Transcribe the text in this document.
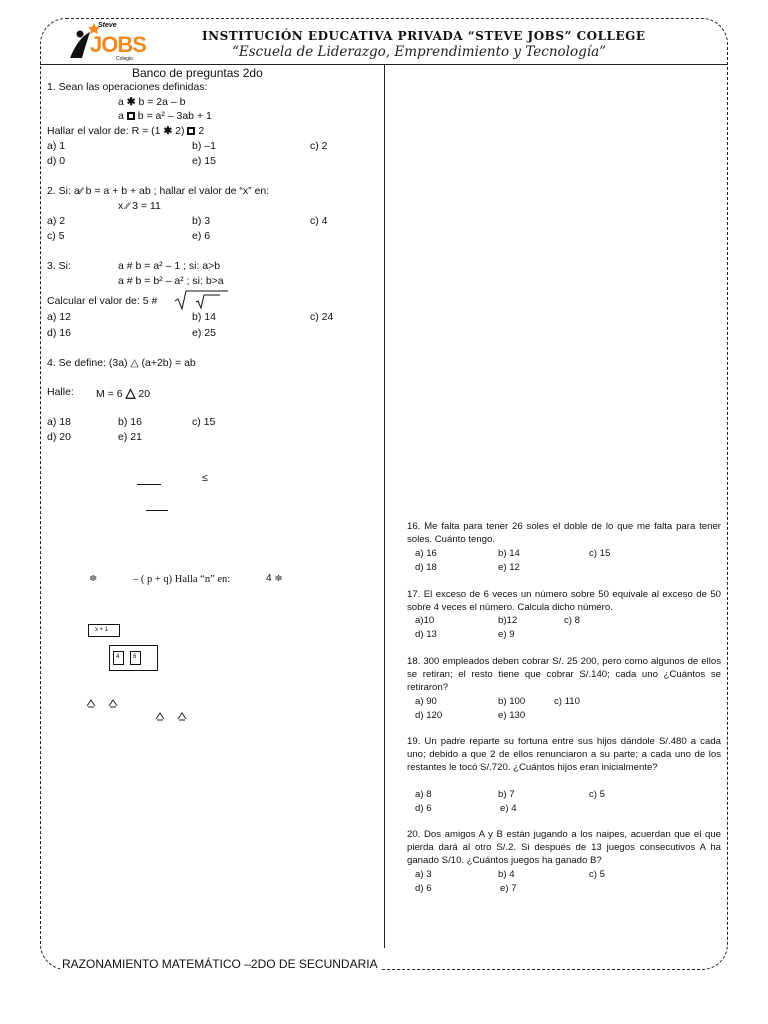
Steve
JOBS
Colegio
INSTITUCIÓN EDUCATIVA PRIVADA “STEVE JOBS” COLLEGE
“Escuela de Liderazgo, Emprendimiento y Tecnología”
Banco de preguntas 2do
1. Sean las operaciones definidas:
a ✱ b = 2a – b
a b = a² – 3ab + 1
Hallar el valor de: R = (1 ✱ 2) 2
a) 1	b) –1	c) 2
d) 0	e) 15
2. Si: a⁄⁄ b = a + b + ab ; hallar el valor de “x” en:
x ⁄⁄ 3 = 11
a) 2	b) 3	c) 4
c) 5	e) 6
3. Si:	a # b = a² – 1 ; si: a>b
a # b = b² – a² ; si: b>a
Calcular el valor de: 5 #
a) 12	b) 14	c) 24
d) 16	e) 25
4. Se define: (3a) △ (a+2b) = ab
Halle: M = 6 △ 20
a) 18	b) 16	c) 15
d) 20	e) 21
≤
≑	– ( p + q) Halla “n” en:	4 ≑
x + 1
4 6
16. Me falta para tener 26 soles el doble de lo que me falta para tener soles. Cuánto tengo.
a) 16	b) 14	c) 15
d) 18	e) 12
17. El exceso de 6 veces un número sobre 50 equivale al exceso de 50 sobre 4 veces el número. Calcula dicho número.
a)10	b)12	c) 8
d) 13	e) 9
18. 300 empleados deben cobrar S/. 25 200, pero como algunos de ellos se retiran; el resto tiene que cobrar S/.140; cada uno ¿Cuántos se retiraron?
a) 90	b) 100	c) 110
d) 120	e) 130
19. Un padre reparte su fortuna entre sus hijos dándole S/.480 a cada uno; debido a que 2 de ellos renunciaron a su parte; a cada uno de los restantes le tocó S/.720. ¿Cuántos hijos eran inicialmente?
a) 8	b) 7	c) 5
d) 6	e) 4
20. Dos amigos A y B están jugando a los naipes, acuerdan que el que pierda dará al otro S/.2. Si después de 13 juegos consecutivos A ha ganado S/10. ¿Cuántos juegos ha ganado B?
a) 3	b) 4	c) 5
d) 6	e) 7
RAZONAMIENTO MATEMÁTICO –2DO DE SECUNDARIA
